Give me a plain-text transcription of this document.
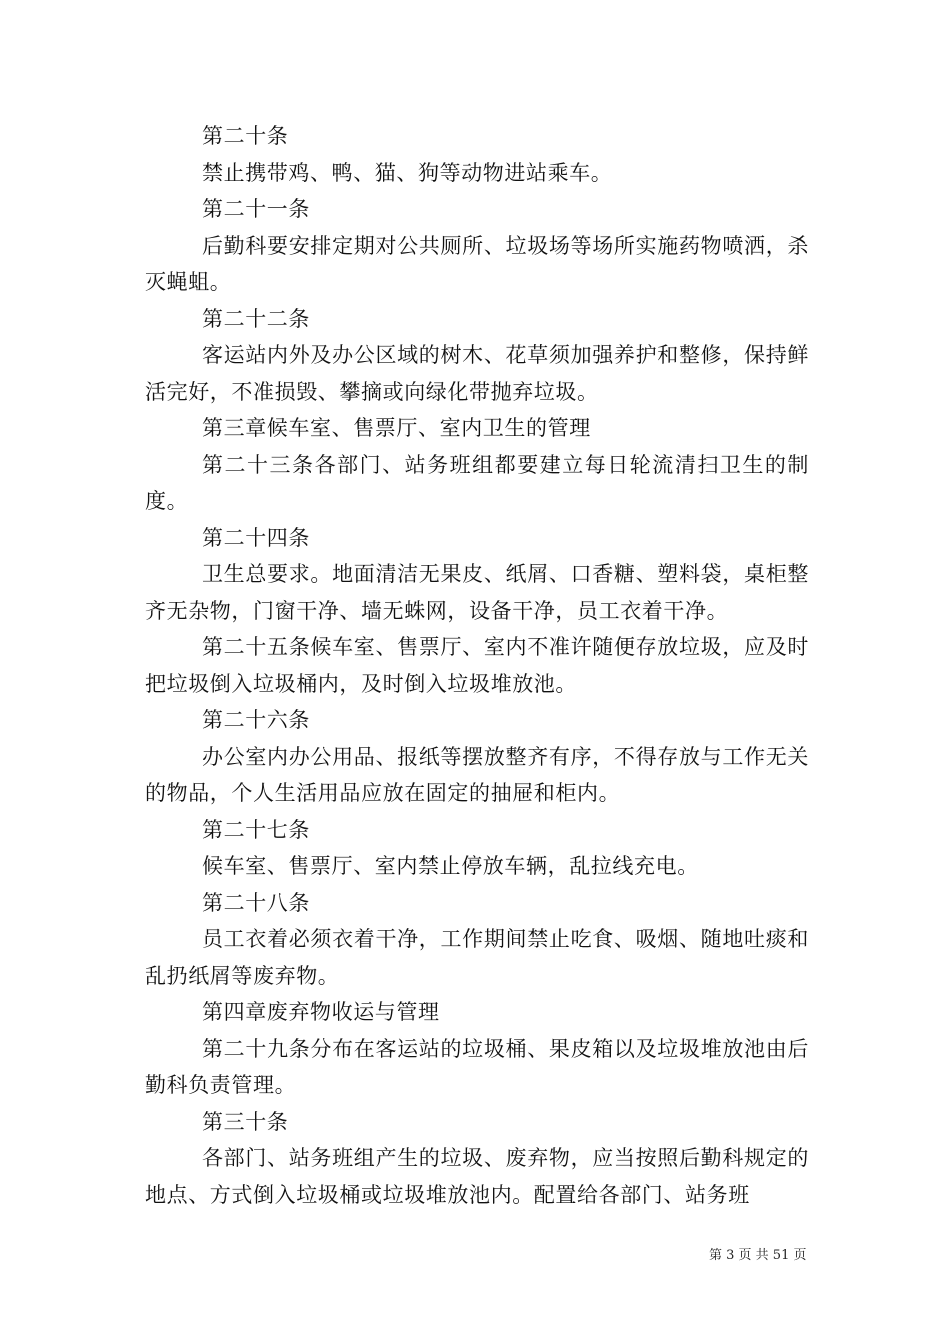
第二十条

禁止携带鸡、鸭、猫、狗等动物进站乘车。

第二十一条

后勤科要安排定期对公共厕所、垃圾场等场所实施药物喷洒，杀灭蝇蛆。

第二十二条

客运站内外及办公区域的树木、花草须加强养护和整修，保持鲜活完好，不准损毁、攀摘或向绿化带抛弃垃圾。

第三章候车室、售票厅、室内卫生的管理

第二十三条各部门、站务班组都要建立每日轮流清扫卫生的制度。

第二十四条

卫生总要求。地面清洁无果皮、纸屑、口香糖、塑料袋，桌柜整齐无杂物，门窗干净、墙无蛛网，设备干净，员工衣着干净。

第二十五条候车室、售票厅、室内不准许随便存放垃圾，应及时把垃圾倒入垃圾桶内，及时倒入垃圾堆放池。

第二十六条

办公室内办公用品、报纸等摆放整齐有序，不得存放与工作无关的物品，个人生活用品应放在固定的抽屉和柜内。

第二十七条

候车室、售票厅、室内禁止停放车辆，乱拉线充电。

第二十八条

员工衣着必须衣着干净，工作期间禁止吃食、吸烟、随地吐痰和乱扔纸屑等废弃物。

第四章废弃物收运与管理

第二十九条分布在客运站的垃圾桶、果皮箱以及垃圾堆放池由后勤科负责管理。

第三十条

各部门、站务班组产生的垃圾、废弃物，应当按照后勤科规定的地点、方式倒入垃圾桶或垃圾堆放池内。配置给各部门、站务班

第 3 页 共 51 页
